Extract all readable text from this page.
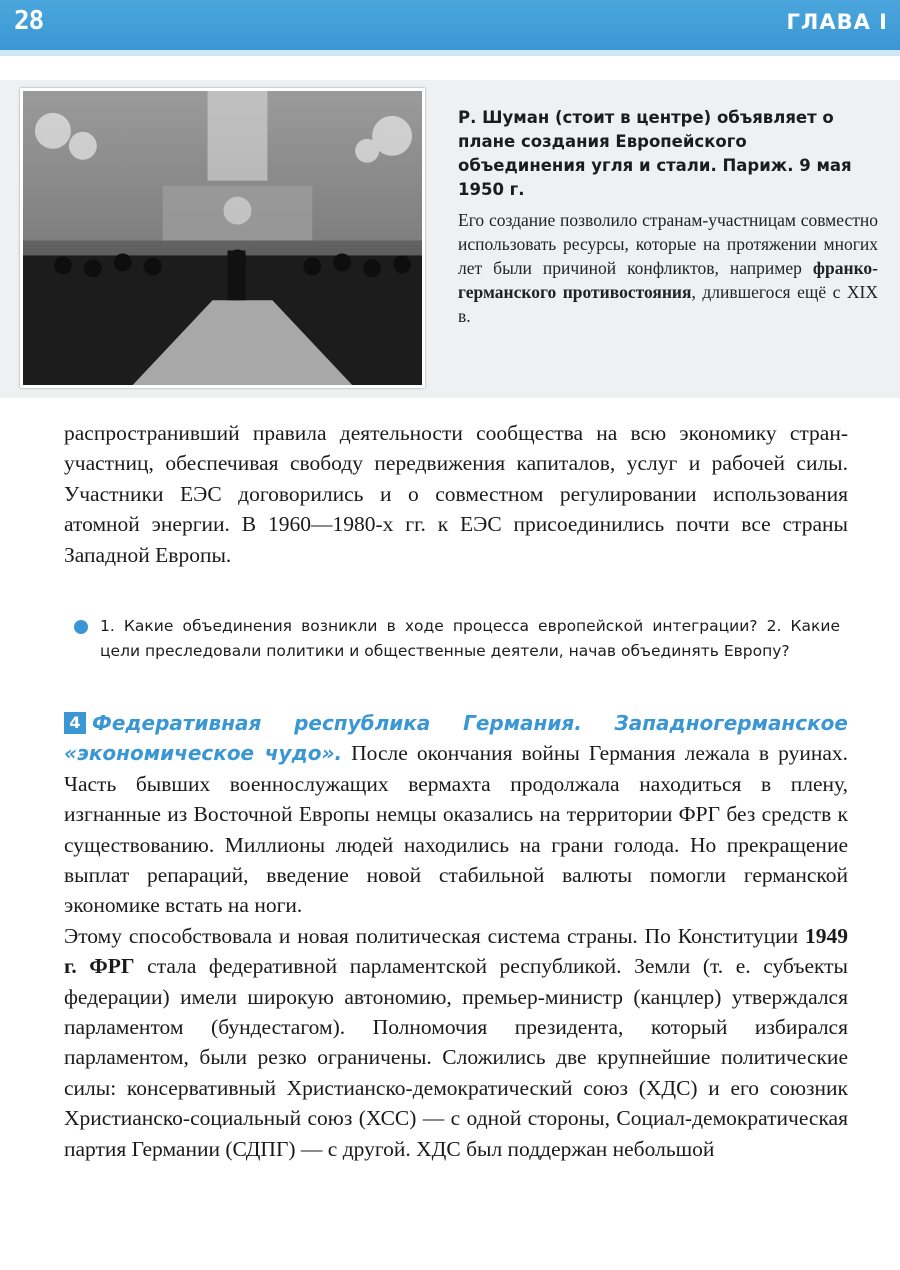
28	ГЛАВА I

Р. Шуман (стоит в центре) объявляет о плане создания Европейского объединения угля и стали. Париж. 9 мая 1950 г.

Его создание позволило странам-участницам совместно использовать ресурсы, которые на протяжении многих лет были причиной конфликтов, например франко-германского противостояния, длившегося ещё с XIX в.

распространивший правила деятельности сообщества на всю экономику стран-участниц, обеспечивая свободу передвижения капиталов, услуг и рабочей силы. Участники ЕЭС договорились и о совместном регулировании использования атомной энергии. В 1960—1980-х гг. к ЕЭС присоединились почти все страны Западной Европы.

1. Какие объединения возникли в ходе процесса европейской интеграции? 2. Какие цели преследовали политики и общественные деятели, начав объединять Европу?

4 Федеративная республика Германия. Западногерманское «экономическое чудо». После окончания войны Германия лежала в руинах. Часть бывших военнослужащих вермахта продолжала находиться в плену, изгнанные из Восточной Европы немцы оказались на территории ФРГ без средств к существованию. Миллионы людей находились на грани голода. Но прекращение выплат репараций, введение новой стабильной валюты помогли германской экономике встать на ноги.

Этому способствовала и новая политическая система страны. По Конституции 1949 г. ФРГ стала федеративной парламентской республикой. Земли (т. е. субъекты федерации) имели широкую автономию, премьер-министр (канцлер) утверждался парламентом (бундестагом). Полномочия президента, который избирался парламентом, были резко ограничены. Сложились две крупнейшие политические силы: консервативный Христианско-демократический союз (ХДС) и его союзник Христианско-социальный союз (ХСС) — с одной стороны, Социал-демократическая партия Германии (СДПГ) — с другой. ХДС был поддержан небольшой
